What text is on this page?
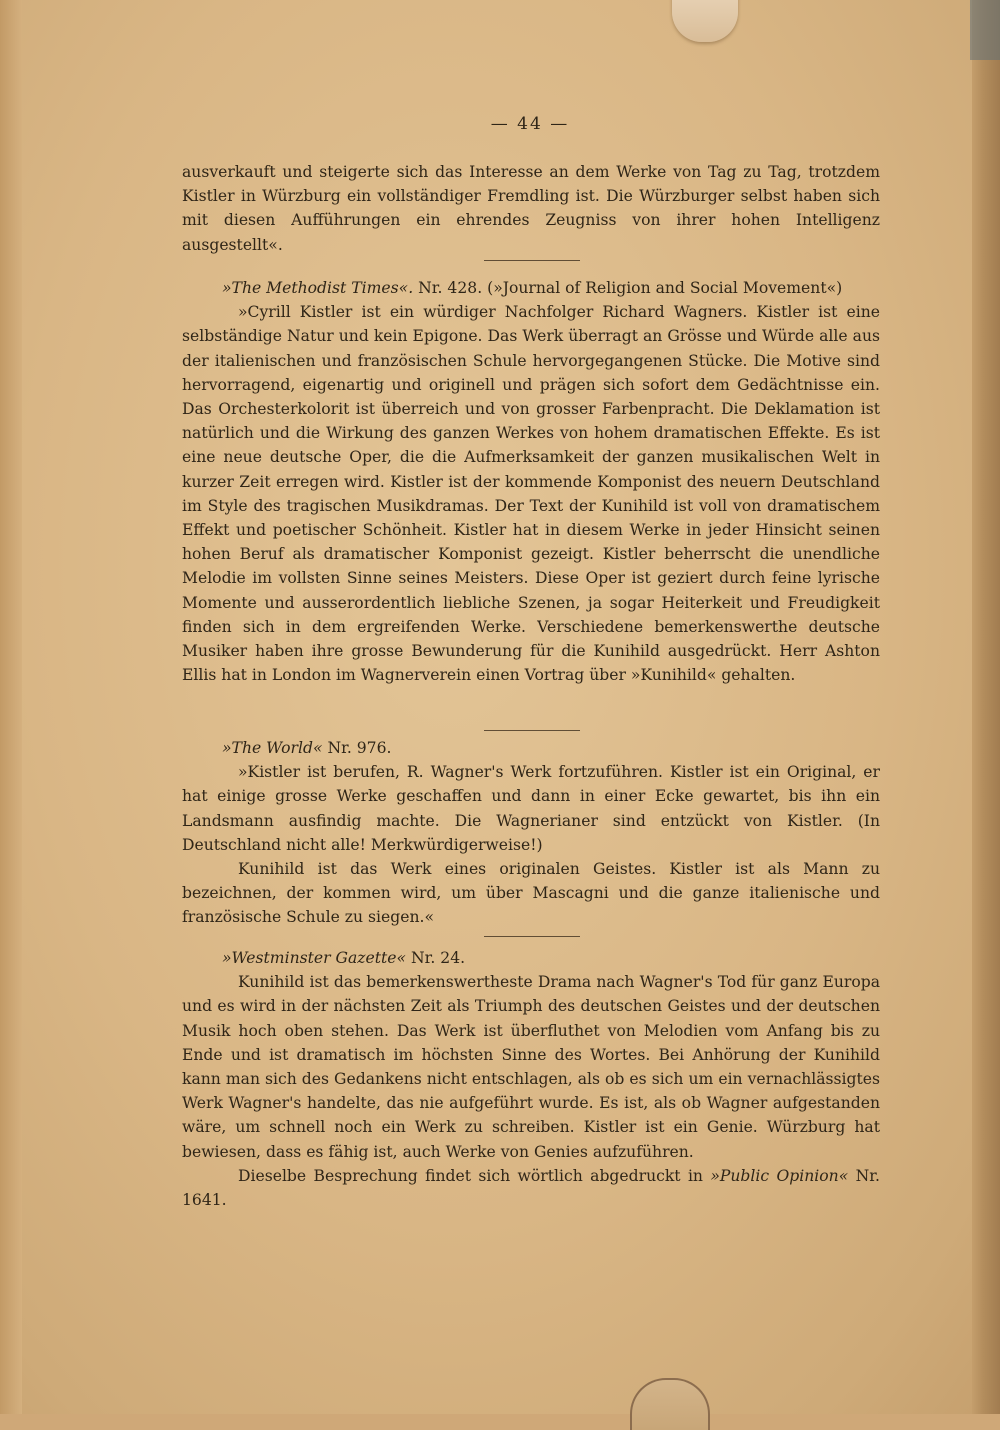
— 44 —

ausverkauft und steigerte sich das Interesse an dem Werke von Tag zu Tag, trotzdem Kistler in Würzburg ein vollständiger Fremdling ist. Die Würzburger selbst haben sich mit diesen Aufführungen ein ehrendes Zeugniss von ihrer hohen Intelligenz ausgestellt«.

»The Methodist Times«. Nr. 428. (»Journal of Religion and Social Movement«)

»Cyrill Kistler ist ein würdiger Nachfolger Richard Wagners. Kistler ist eine selbständige Natur und kein Epigone. Das Werk überragt an Grösse und Würde alle aus der italienischen und französischen Schule hervorgegangenen Stücke. Die Motive sind hervorragend, eigenartig und originell und prägen sich sofort dem Gedächtnisse ein. Das Orchesterkolorit ist überreich und von grosser Farbenpracht. Die Deklamation ist natürlich und die Wirkung des ganzen Werkes von hohem dramatischen Effekte. Es ist eine neue deutsche Oper, die die Aufmerksamkeit der ganzen musikalischen Welt in kurzer Zeit erregen wird. Kistler ist der kommende Komponist des neuern Deutschland im Style des tragischen Musikdramas. Der Text der Kunihild ist voll von dramatischem Effekt und poetischer Schönheit. Kistler hat in diesem Werke in jeder Hinsicht seinen hohen Beruf als dramatischer Komponist gezeigt. Kistler beherrscht die unendliche Melodie im vollsten Sinne seines Meisters. Diese Oper ist geziert durch feine lyrische Momente und ausserordentlich liebliche Szenen, ja sogar Heiterkeit und Freudigkeit finden sich in dem ergreifenden Werke. Verschiedene bemerkenswerthe deutsche Musiker haben ihre grosse Bewunderung für die Kunihild ausgedrückt. Herr Ashton Ellis hat in London im Wagnerverein einen Vortrag über »Kunihild« gehalten.

»The World« Nr. 976.

»Kistler ist berufen, R. Wagner's Werk fortzuführen. Kistler ist ein Original, er hat einige grosse Werke geschaffen und dann in einer Ecke gewartet, bis ihn ein Landsmann ausfindig machte. Die Wagnerianer sind entzückt von Kistler. (In Deutschland nicht alle! Merkwürdigerweise!)

Kunihild ist das Werk eines originalen Geistes. Kistler ist als Mann zu bezeichnen, der kommen wird, um über Mascagni und die ganze italienische und französische Schule zu siegen.«

»Westminster Gazette« Nr. 24.

Kunihild ist das bemerkenswertheste Drama nach Wagner's Tod für ganz Europa und es wird in der nächsten Zeit als Triumph des deutschen Geistes und der deutschen Musik hoch oben stehen. Das Werk ist überfluthet von Melodien vom Anfang bis zu Ende und ist dramatisch im höchsten Sinne des Wortes. Bei Anhörung der Kunihild kann man sich des Gedankens nicht entschlagen, als ob es sich um ein vernachlässigtes Werk Wagner's handelte, das nie aufgeführt wurde. Es ist, als ob Wagner aufgestanden wäre, um schnell noch ein Werk zu schreiben. Kistler ist ein Genie. Würzburg hat bewiesen, dass es fähig ist, auch Werke von Genies aufzuführen.

Dieselbe Besprechung findet sich wörtlich abgedruckt in »Public Opinion« Nr. 1641.
